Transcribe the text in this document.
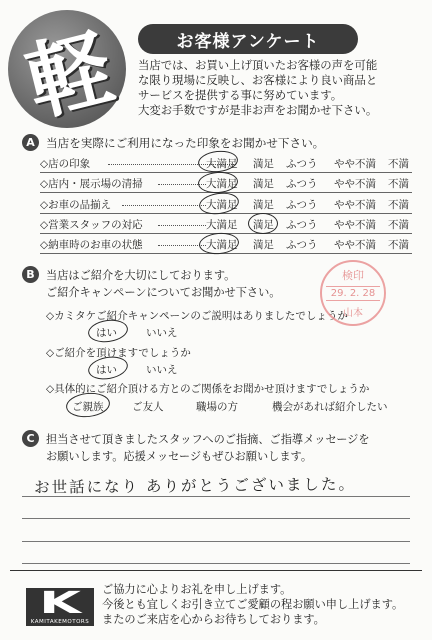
軽	お客様アンケート
当店では、お買い上げ頂いたお客様の声を可能
な限り現場に反映し、お客様により良い商品と
サービスを提供する事に努めています。
大変お手数ですが是非お声をお聞かせ下さい。
A 当店を実際にご利用になった印象をお聞かせ下さい。
◇店の印象	大満足 満足 ふつう やや不満 不満
◇店内・展示場の清掃	大満足 満足 ふつう やや不満 不満
◇お車の品揃え	大満足 満足 ふつう やや不満 不満
◇営業スタッフの対応	大満足 満足 ふつう やや不満 不満
◇納車時のお車の状態	大満足 満足 ふつう やや不満 不満
B	当店はご紹介を大切にしております。
ご紹介キャンペーンについてお聞かせ下さい。
◇カミタケご紹介キャンペーンのご説明はありましたでしょうか
はい	いいえ
◇ご紹介を頂けますでしょうか
はい	いいえ
◇具体的にご紹介頂ける方とのご関係をお聞かせ頂けますでしょうか
ご親族	ご友人	職場の方	機会があれば紹介したい
検印
29. 2. 28
山本
C	担当させて頂きましたスタッフへのご指摘、ご指導メッセージを
お願いします。応援メッセージもぜひお願いします。
お世話になり ありがとうございました。
K
KAMITAKEMOTORS
ご協力に心よりお礼を申し上げます。
今後とも宜しくお引き立てご愛顧の程お願い申し上げます。
またのご来店を心からお待ちしております。
